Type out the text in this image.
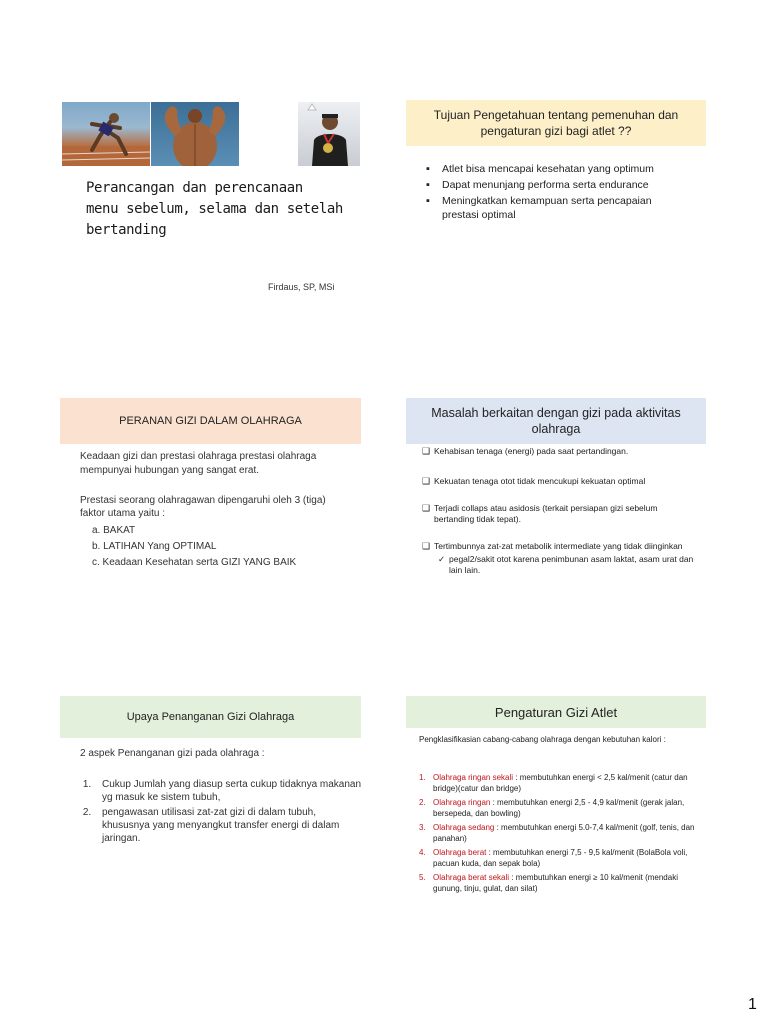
Perancangan dan perencanaan
menu sebelum, selama dan setelah
bertanding
Firdaus, SP, MSi
Tujuan Pengetahuan tentang pemenuhan dan pengaturan gizi bagi atlet ??
▪ Atlet bisa mencapai kesehatan yang optimum
▪ Dapat menunjang performa serta endurance
▪ Meningkatkan kemampuan serta pencapaian prestasi optimal
PERANAN GIZI DALAM OLAHRAGA
Keadaan gizi dan prestasi olahraga prestasi olahraga mempunyai hubungan yang sangat erat.
Prestasi seorang olahragawan dipengaruhi oleh 3 (tiga) faktor utama yaitu :
a. BAKAT
b. LATIHAN Yang OPTIMAL
c. Keadaan Kesehatan serta GIZI YANG BAIK
Masalah berkaitan dengan gizi pada aktivitas olahraga
❑ Kehabisan tenaga (energi) pada saat pertandingan.
❑ Kekuatan tenaga otot tidak mencukupi kekuatan optimal
❑ Terjadi collaps atau asidosis (terkait persiapan gizi sebelum bertanding tidak tepat).
❑ Tertimbunnya zat-zat metabolik intermediate yang tidak diinginkan
✓ pegal2/sakit otot karena penimbunan asam laktat, asam urat dan lain lain.
Upaya Penanganan Gizi Olahraga
2 aspek Penanganan gizi pada olahraga :
1. Cukup Jumlah yang diasup serta cukup tidaknya makanan yg masuk ke sistem tubuh,
2. pengawasan utilisasi zat-zat gizi di dalam tubuh, khususnya yang menyangkut transfer energi di dalam jaringan.
Pengaturan Gizi Atlet
Pengklasifikasian cabang-cabang olahraga dengan kebutuhan kalori :
1. Olahraga ringan sekali : membutuhkan energi < 2,5 kal/menit (catur dan bridge)(catur dan bridge)
2. Olahraga ringan : membutuhkan energi 2,5 - 4,9 kal/menit (gerak jalan, bersepeda, dan bowling)
3. Olahraga sedang : membutuhkan energi 5.0-7,4 kal/menit (golf, tenis, dan panahan)
4. Olahraga berat : membutuhkan energi 7,5 - 9,5 kal/menit (BolaBola voli, pacuan kuda, dan sepak bola)
5. Olahraga berat sekali : membutuhkan energi ≥ 10 kal/menit (mendaki gunung, tinju, gulat, dan silat)
1
